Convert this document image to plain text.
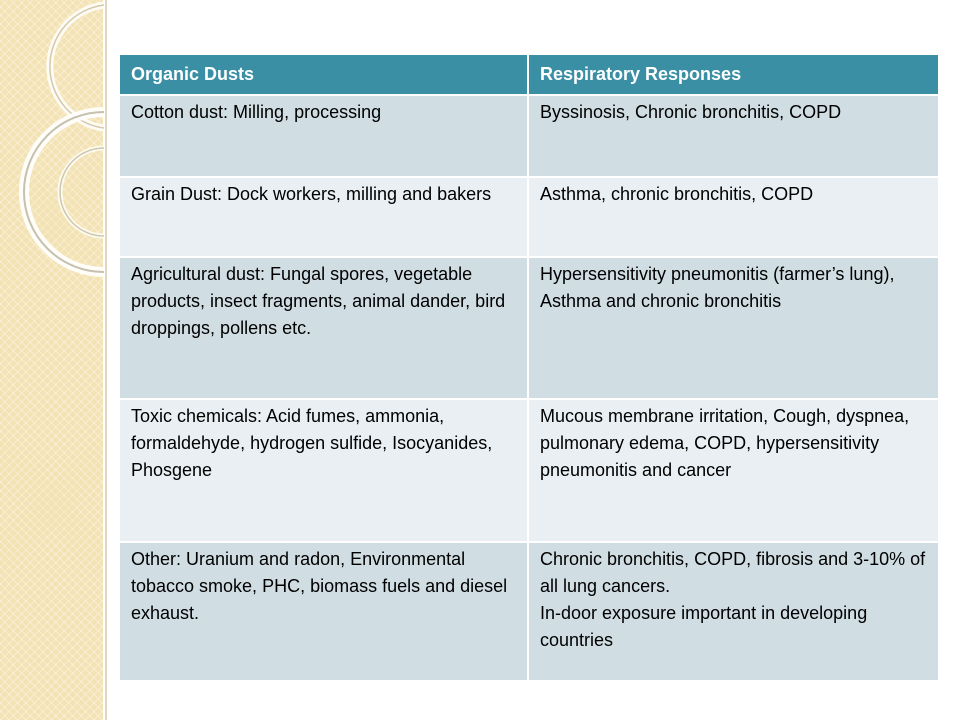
Organic Dusts	Respiratory Responses

Cotton dust: Milling, processing	Byssinosis, Chronic bronchitis, COPD

Grain Dust: Dock workers, milling and bakers	Asthma, chronic bronchitis, COPD

Agricultural dust: Fungal spores, vegetable products, insect fragments, animal dander, bird droppings, pollens etc.	Hypersensitivity pneumonitis (farmer’s lung), Asthma and chronic bronchitis

Toxic chemicals: Acid fumes, ammonia, formaldehyde, hydrogen sulfide, Isocyanides, Phosgene	Mucous membrane irritation, Cough, dyspnea, pulmonary edema, COPD, hypersensitivity pneumonitis and cancer

Other: Uranium and radon, Environmental tobacco smoke, PHC, biomass fuels and diesel exhaust.	Chronic bronchitis, COPD, fibrosis and 3-10% of all lung cancers.
In-door exposure important in developing countries
